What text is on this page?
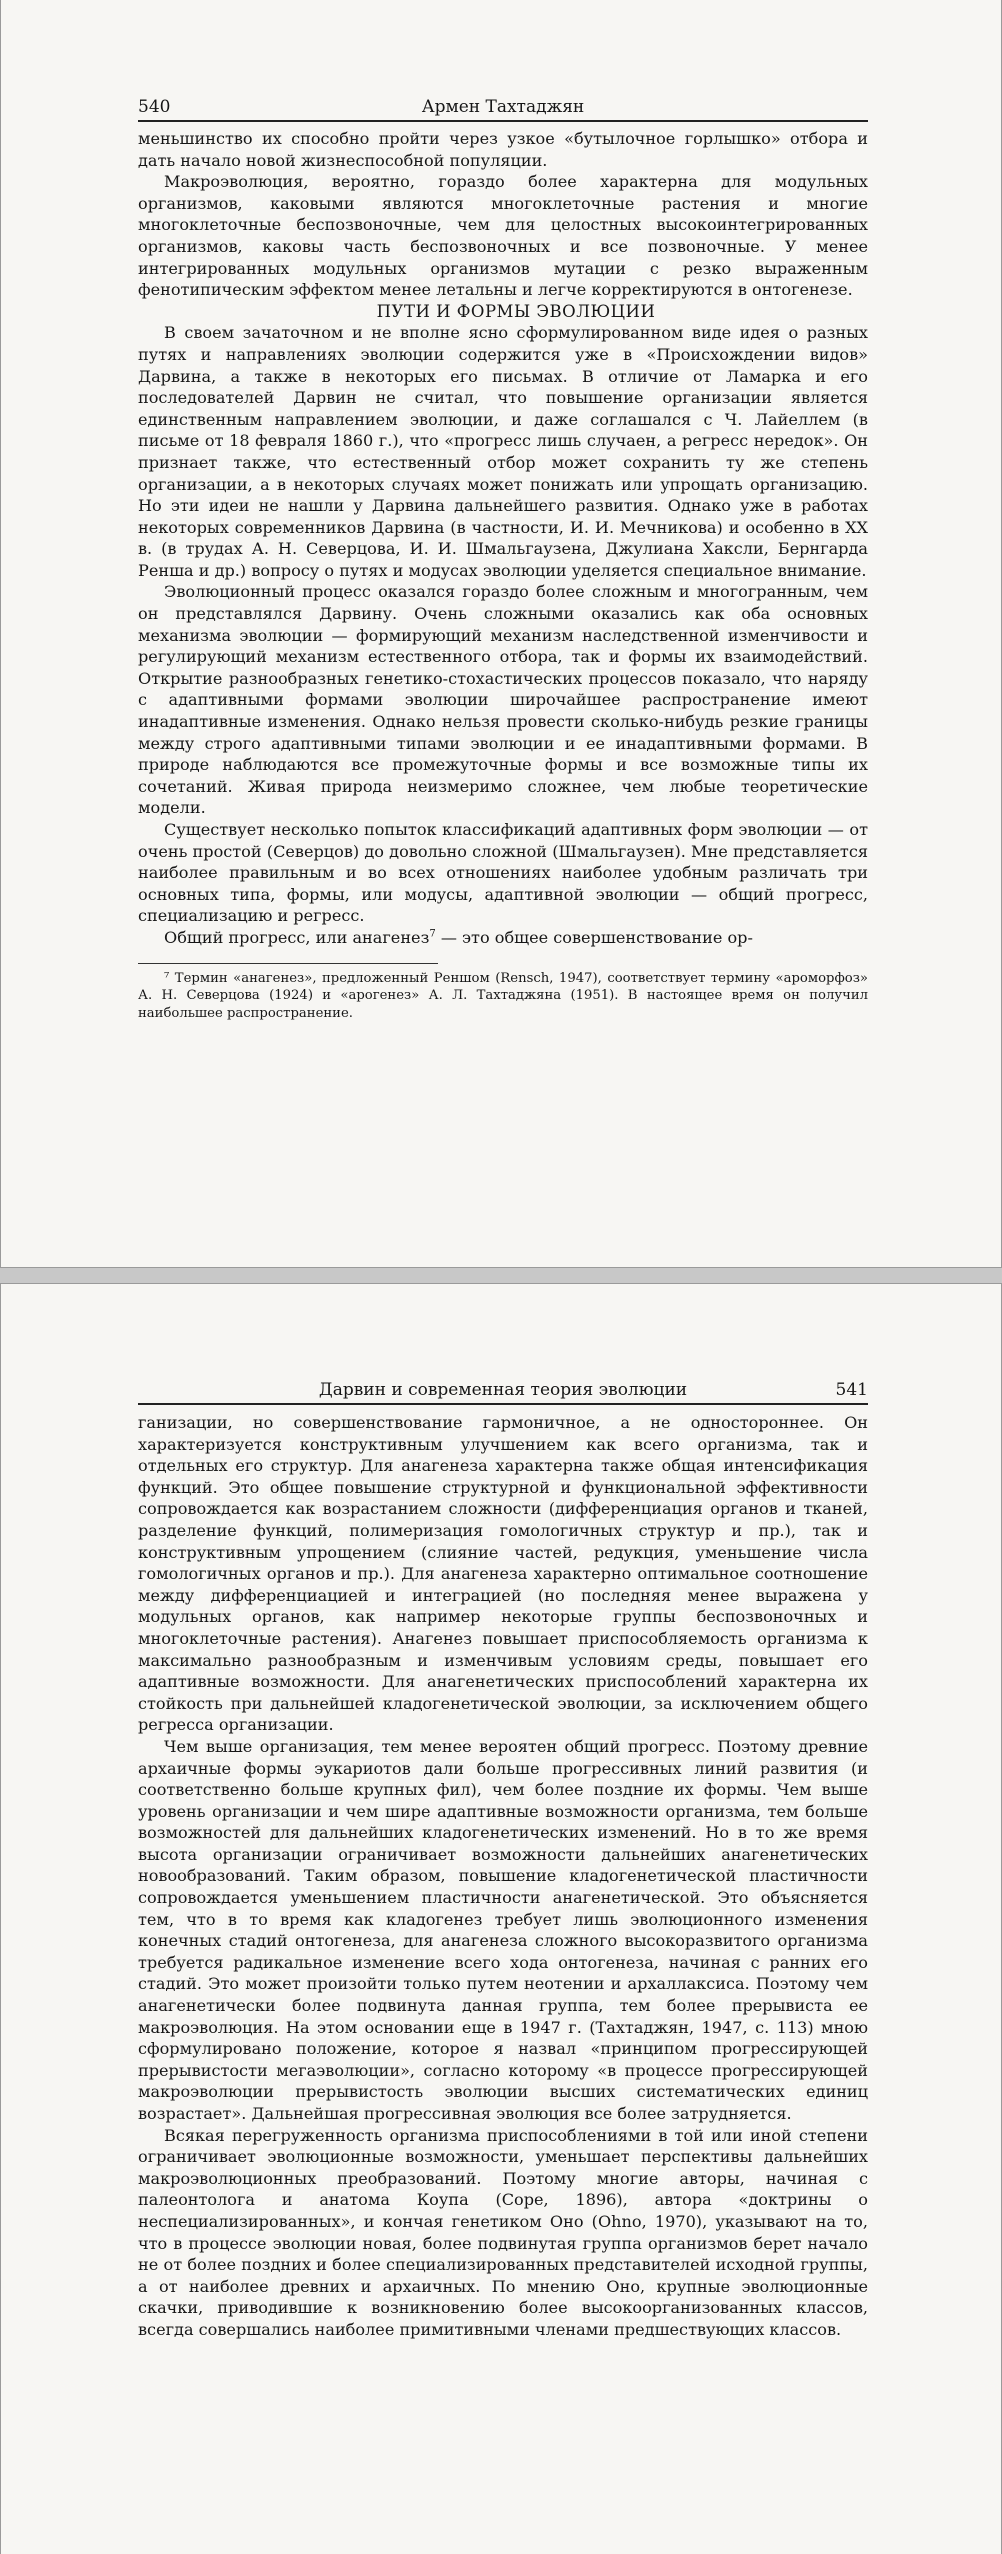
540	Армен Тахтаджян

меньшинство их способно пройти через узкое «бутылочное горлышко» отбора и дать начало новой жизнеспособной популяции.

Макроэволюция, вероятно, гораздо более характерна для модульных организмов, каковыми являются многоклеточные растения и многие многоклеточные беспозвоночные, чем для целостных высокоинтегрированных организмов, каковы часть беспозвоночных и все позвоночные. У менее интегрированных модульных организмов мутации с резко выраженным фенотипическим эффектом менее летальны и легче корректируются в онтогенезе.

ПУТИ И ФОРМЫ ЭВОЛЮЦИИ

В своем зачаточном и не вполне ясно сформулированном виде идея о разных путях и направлениях эволюции содержится уже в «Происхождении видов» Дарвина, а также в некоторых его письмах. В отличие от Ламарка и его последователей Дарвин не считал, что повышение организации является единственным направлением эволюции, и даже соглашался с Ч. Лайеллем (в письме от 18 февраля 1860 г.), что «прогресс лишь случаен, а регресс нередок». Он признает также, что естественный отбор может сохранить ту же степень организации, а в некоторых случаях может понижать или упрощать организацию. Но эти идеи не нашли у Дарвина дальнейшего развития. Однако уже в работах некоторых современников Дарвина (в частности, И. И. Мечникова) и особенно в XX в. (в трудах А. Н. Северцова, И. И. Шмальгаузена, Джулиана Хаксли, Бернгарда Ренша и др.) вопросу о путях и модусах эволюции уделяется специальное внимание.

Эволюционный процесс оказался гораздо более сложным и многогранным, чем он представлялся Дарвину. Очень сложными оказались как оба основных механизма эволюции — формирующий механизм наследственной изменчивости и регулирующий механизм естественного отбора, так и формы их взаимодействий. Открытие разнообразных генетико-стохастических процессов показало, что наряду с адаптивными формами эволюции широчайшее распространение имеют инадаптивные изменения. Однако нельзя провести сколько-нибудь резкие границы между строго адаптивными типами эволюции и ее инадаптивными формами. В природе наблюдаются все промежуточные формы и все возможные типы их сочетаний. Живая природа неизмеримо сложнее, чем любые теоретические модели.

Существует несколько попыток классификаций адаптивных форм эволюции — от очень простой (Северцов) до довольно сложной (Шмальгаузен). Мне представляется наиболее правильным и во всех отношениях наиболее удобным различать три основных типа, формы, или модусы, адаптивной эволюции — общий прогресс, специализацию и регресс.

Общий прогресс, или анагенез$^7$ — это общее совершенствование ор-

⁷ Термин «анагенез», предложенный Реншом (Rensch, 1947), соответствует термину «ароморфоз» А. Н. Северцова (1924) и «арогенез» А. Л. Тахтаджяна (1951). В настоящее время он получил наибольшее распространение.

Дарвин и современная теория эволюции	541

ганизации, но совершенствование гармоничное, а не одностороннее. Он характеризуется конструктивным улучшением как всего организма, так и отдельных его структур. Для анагенеза характерна также общая интенсификация функций. Это общее повышение структурной и функциональной эффективности сопровождается как возрастанием сложности (дифференциация органов и тканей, разделение функций, полимеризация гомологичных структур и пр.), так и конструктивным упрощением (слияние частей, редукция, уменьшение числа гомологичных органов и пр.). Для анагенеза характерно оптимальное соотношение между дифференциацией и интеграцией (но последняя менее выражена у модульных органов, как например некоторые группы беспозвоночных и многоклеточные растения). Анагенез повышает приспособляемость организма к максимально разнообразным и изменчивым условиям среды, повышает его адаптивные возможности. Для анагенетических приспособлений характерна их стойкость при дальнейшей кладогенетической эволюции, за исключением общего регресса организации.

Чем выше организация, тем менее вероятен общий прогресс. Поэтому древние архаичные формы эукариотов дали больше прогрессивных линий развития (и соответственно больше крупных фил), чем более поздние их формы. Чем выше уровень организации и чем шире адаптивные возможности организма, тем больше возможностей для дальнейших кладогенетических изменений. Но в то же время высота организации ограничивает возможности дальнейших анагенетических новообразований. Таким образом, повышение кладогенетической пластичности сопровождается уменьшением пластичности анагенетической. Это объясняется тем, что в то время как кладогенез требует лишь эволюционного изменения конечных стадий онтогенеза, для анагенеза сложного высокоразвитого организма требуется радикальное изменение всего хода онтогенеза, начиная с ранних его стадий. Это может произойти только путем неотении и архаллаксиса. Поэтому чем анагенетически более подвинута данная группа, тем более прерывиста ее макроэволюция. На этом основании еще в 1947 г. (Тахтаджян, 1947, с. 113) мною сформулировано положение, которое я назвал «принципом прогрессирующей прерывистости мегаэволюции», согласно которому «в процессе прогрессирующей макроэволюции прерывистость эволюции высших систематических единиц возрастает». Дальнейшая прогрессивная эволюция все более затрудняется.

Всякая перегруженность организма приспособлениями в той или иной степени ограничивает эволюционные возможности, уменьшает перспективы дальнейших макроэволюционных преобразований. Поэтому многие авторы, начиная с палеонтолога и анатома Коупа (Cope, 1896), автора «доктрины о неспециализированных», и кончая генетиком Оно (Ohno, 1970), указывают на то, что в процессе эволюции новая, более подвинутая группа организмов берет начало не от более поздних и более специализированных представителей исходной группы, а от наиболее древних и архаичных. По мнению Оно, крупные эволюционные скачки, приводившие к возникновению более высокоорганизованных классов, всегда совершались наиболее примитивными членами предшествующих классов.
